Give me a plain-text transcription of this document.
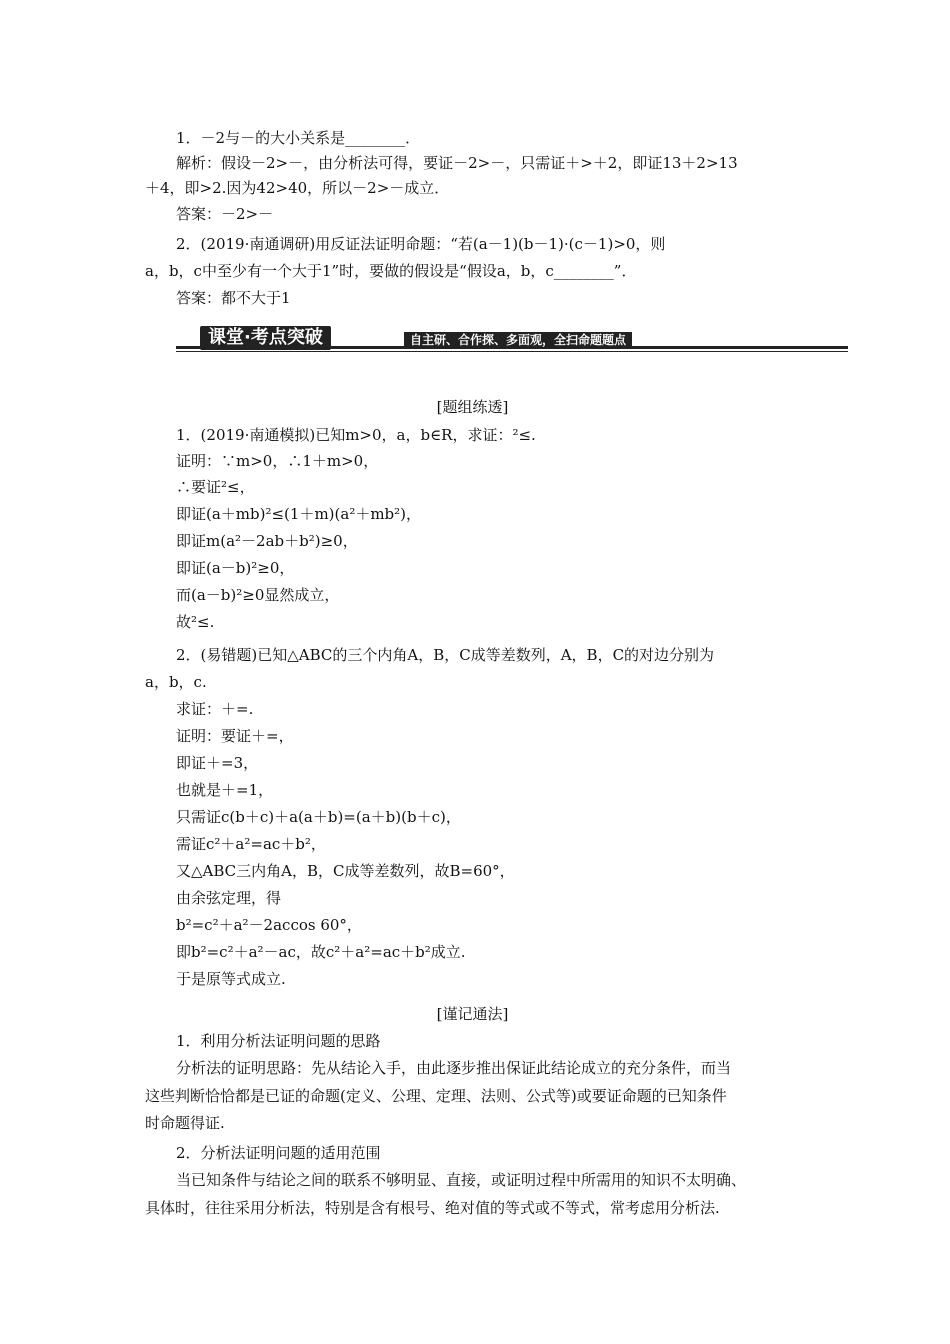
1．－2与－的大小关系是________．
解析：假设－2>－，由分析法可得，要证－2>－，只需证＋>＋2，即证13＋2>13
＋4，即>2.因为42>40，所以－2>－成立．
答案：－2>－
2．(2019·南通调研)用反证法证明命题：“若(a－1)(b－1)·(c－1)>0，则
a，b，c中至少有一个大于1”时，要做的假设是“假设a，b，c________”．
答案：都不大于1
1．(2019·南通模拟)已知m>0，a，b∈R，求证：²≤.
证明：∵m>0，∴1＋m>0，
∴要证²≤，
即证(a＋mb)²≤(1＋m)(a²＋mb²)，
即证m(a²－2ab＋b²)≥0，
即证(a－b)²≥0，
而(a－b)²≥0显然成立，
故²≤.
2．(易错题)已知△ABC的三个内角A，B，C成等差数列，A，B，C的对边分别为
a，b，c.
求证：＋=.
证明：要证＋=，
即证＋=3，
也就是＋=1，
只需证c(b＋c)＋a(a＋b)=(a＋b)(b＋c)，
需证c²＋a²=ac＋b²，
又△ABC三内角A，B，C成等差数列，故B=60°，
由余弦定理，得
b²=c²＋a²－2accos 60°，
即b²=c²＋a²－ac，故c²＋a²=ac＋b²成立.
于是原等式成立.
1．利用分析法证明问题的思路
分析法的证明思路：先从结论入手，由此逐步推出保证此结论成立的充分条件，而当
这些判断恰恰都是已证的命题(定义、公理、定理、法则、公式等)或要证命题的已知条件
时命题得证.
2．分析法证明问题的适用范围
当已知条件与结论之间的联系不够明显、直接，或证明过程中所需用的知识不太明确、
具体时，往往采用分析法，特别是含有根号、绝对值的等式或不等式，常考虑用分析法.
课堂·考点突破	自主研、合作探、多面观，全扫命题题点
[题组练透]
[谨记通法]
